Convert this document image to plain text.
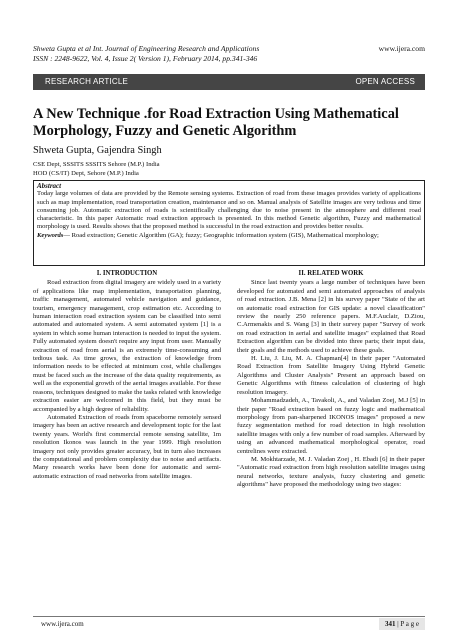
Shweta Gupta et al Int. Journal of Engineering Research and Applications
ISSN : 2248-9622, Vol. 4, Issue 2( Version 1), February 2014, pp.341-346
www.ijera.com
RESEARCH ARTICLE	OPEN ACCESS
A New Technique .for Road Extraction Using Mathematical Morphology, Fuzzy and Genetic Algorithm
Shweta Gupta, Gajendra Singh
CSE Dept, SSSITS SSSITS Sehore (M.P.) India
HOD (CS/IT) Dept, Sehore (M.P.) India
Abstract
Today large volumes of data are provided by the Remote sensing systems. Extraction of road from these images provides variety of applications such as map implementation, road transportation creation, maintenance and so on. Manual analysis of Satellite images are very tedious and time consuming job. Automatic extraction of roads is scientifically challenging due to noise present in the atmosphere and different road characteristic. In this paper Automatic road extraction approach is presented. In this method Genetic algorithm, Fuzzy and mathematical morphology is used. Results shows that the proposed method is successful in the road extraction and provides better results.
Keywords— Road extraction; Genetic Algorithm (GA); fuzzy; Geographic information system (GIS), Mathematical morphology;
I. INTRODUCTION

Road extraction from digital imagery are widely used in a variety of applications like map implementation, transportation planning, traffic management, automated vehicle navigation and guidance, tourism, emergency management, crop estimation etc. According to human interaction road extraction system can be classified into semi automated and automated system. A semi automated system [1] is a system in which some human interaction is needed to input the system. Fully automated system doesn't require any input from user. Manually extraction of road from aerial is an extremely time-consuming and tedious task. As time grows, the extraction of knowledge from information needs to be effected at minimum cost, while challenges must be faced such as the increase of the data quality requirements, as well as the exponential growth of the aerial images available. For these reasons, techniques designed to make the tasks related with knowledge extraction easier are welcomed in this field, but they must be accompanied by a high degree of reliability.

Automated Extraction of roads from spaceborne remotely sensed imagery has been an active research and development topic for the last twenty years. World's first commercial remote sensing satellite, 1m resolution Ikonos was launch in the year 1999. High resolution imagery not only provides greater accuracy, but in turn also increases the computational and problem complexity due to noise and artifacts. Many research works have been done for automatic and semi-automatic extraction of road networks from satellite images.

II. RELATED WORK

Since last twenty years a large number of techniques have been developed for automated and semi automated approaches of analysis of road extraction. J.B. Mena [2] in his survey paper "State of the art on automatic road extraction for GIS update: a novel classification" review the nearly 250 reference papers. M.F.Auclair, D.Ziou, C.Armenakis and S. Wang [3] in their survey paper "Survey of work on road extraction in aerial and satellite images" explained that Road Extraction algorithm can be divided into three parts; their input data, their goals and the methods used to achieve these goals.

H. Liu, J. Liu, M. A. Chapman[4] in their paper "Automated Road Extraction from Satellite Imagery Using Hybrid Genetic Algorithms and Cluster Analysis" Present an approach based on Genetic Algorithms with fitness calculation of clustering of high resolution imagery.

Mohammadzadeh, A., Tavakoli, A., and Valadan Zoej, M.J [5] in their paper "Road extraction based on fuzzy logic and mathematical morphology from pan-sharpened IKONOS images" proposed a new fuzzy segmentation method for road detection in high resolution satellite images with only a few number of road samples. Afterward by using an advanced mathematical morphological operator, road centrelines were extracted.

M. Mokhtarzade, M. J. Valadan Zoej , H. Ebadi [6] in their paper "Automatic road extraction from high resolution satellite images using neural networks, texture analysis, fuzzy clustering and genetic algorithms" have proposed the methodology using two stages:

www.ijera.com	341 | P a g e
